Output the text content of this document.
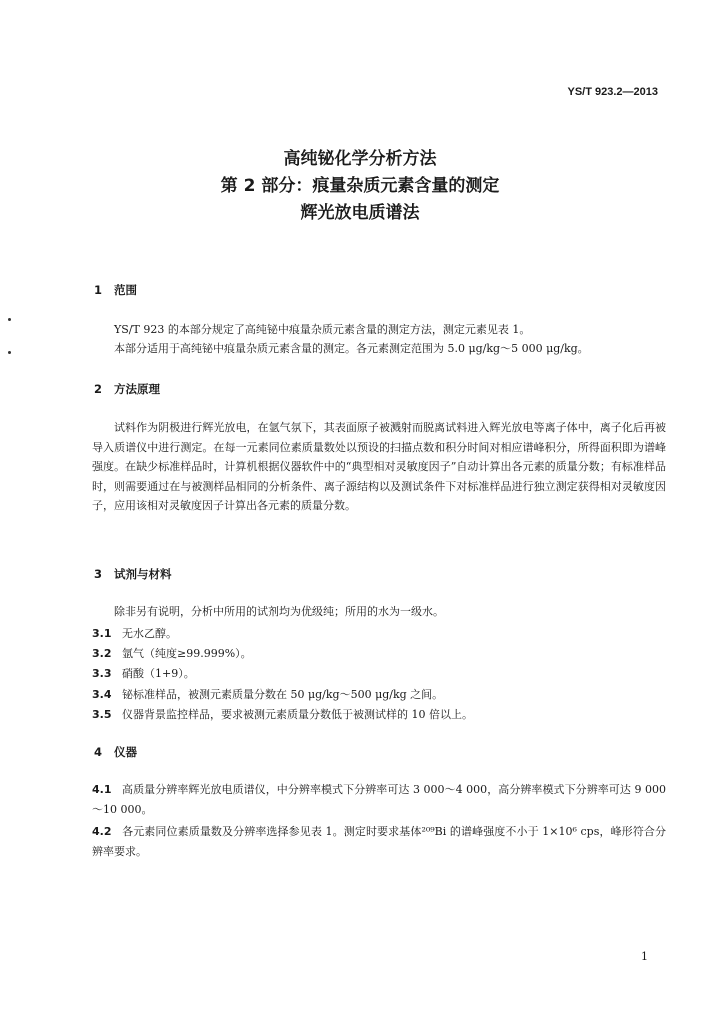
YS/T 923.2—2013
高纯铋化学分析方法
第 2 部分：痕量杂质元素含量的测定
辉光放电质谱法
1 范围
YS/T 923 的本部分规定了高纯铋中痕量杂质元素含量的测定方法，测定元素见表 1。
本部分适用于高纯铋中痕量杂质元素含量的测定。各元素测定范围为 5.0 μg/kg～5 000 μg/kg。
2 方法原理
试料作为阴极进行辉光放电，在氩气氛下，其表面原子被溅射而脱离试料进入辉光放电等离子体中，离子化后再被导入质谱仪中进行测定。在每一元素同位素质量数处以预设的扫描点数和积分时间对相应谱峰积分，所得面积即为谱峰强度。在缺少标准样品时，计算机根据仪器软件中的“典型相对灵敏度因子”自动计算出各元素的质量分数；有标准样品时，则需要通过在与被测样品相同的分析条件、离子源结构以及测试条件下对标准样品进行独立测定获得相对灵敏度因子，应用该相对灵敏度因子计算出各元素的质量分数。
3 试剂与材料
除非另有说明，分析中所用的试剂均为优级纯；所用的水为一级水。
3.1 无水乙醇。
3.2 氩气（纯度≥99.999%）。
3.3 硝酸（1+9）。
3.4 铋标准样品，被测元素质量分数在 50 μg/kg～500 μg/kg 之间。
3.5 仪器背景监控样品，要求被测元素质量分数低于被测试样的 10 倍以上。
4 仪器
4.1 高质量分辨率辉光放电质谱仪，中分辨率模式下分辨率可达 3 000～4 000，高分辨率模式下分辨率可达 9 000～10 000。
4.2 各元素同位素质量数及分辨率选择参见表 1。测定时要求基体²⁰⁹Bi 的谱峰强度不小于 1×10⁶ cps，峰形符合分辨率要求。
1
